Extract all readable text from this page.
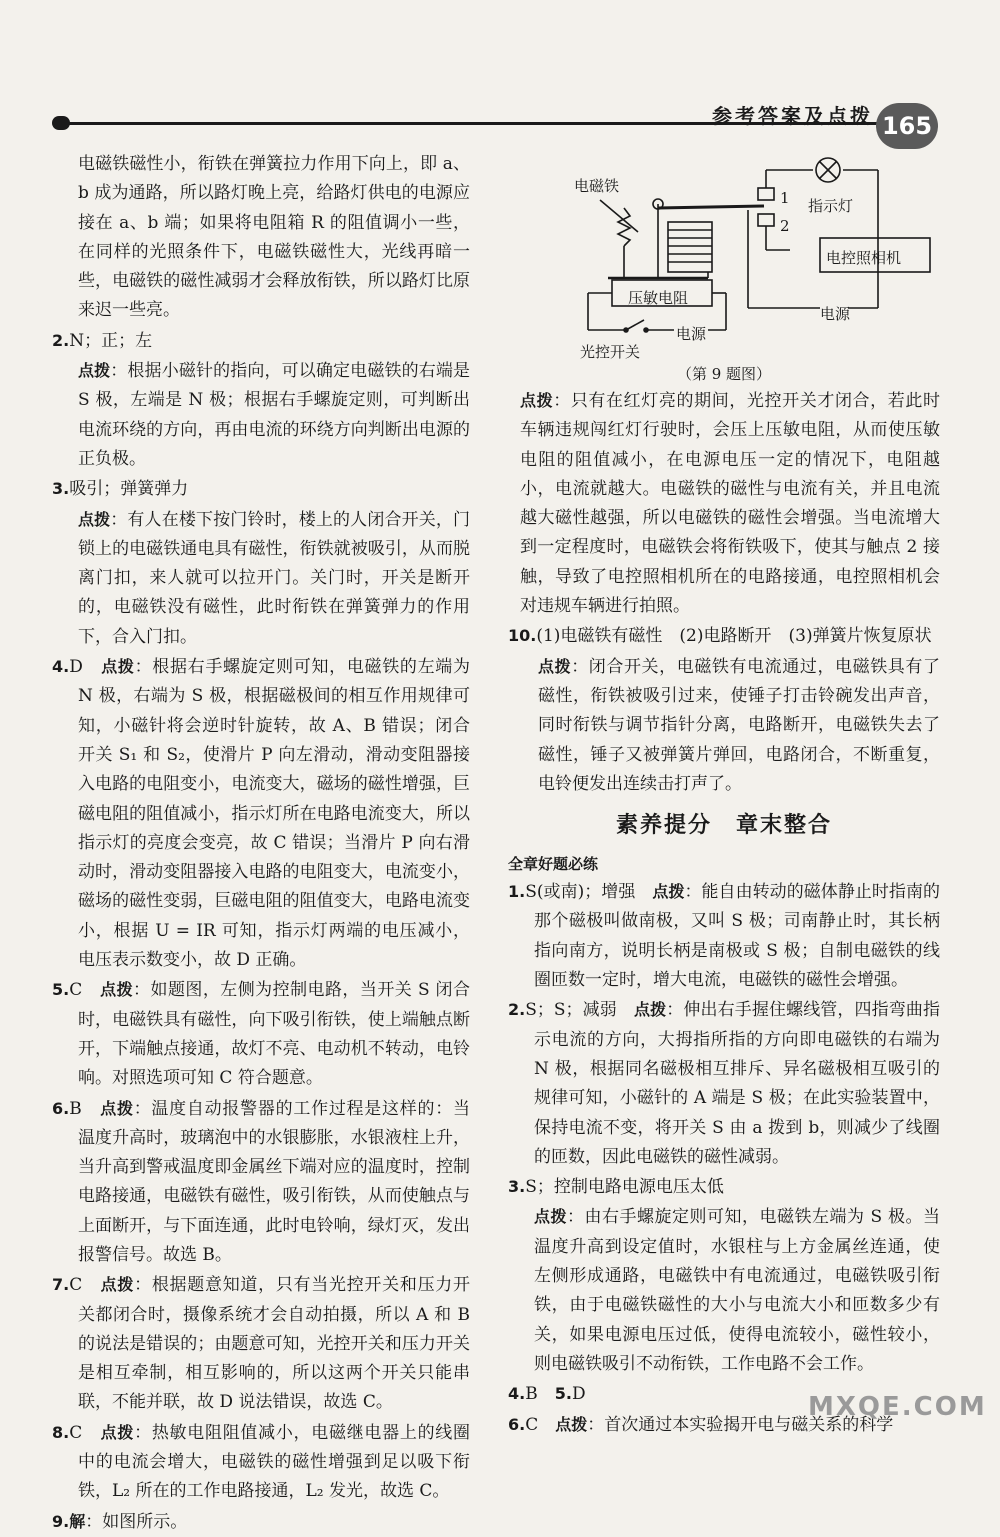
参考答案及点拨 165

电磁铁磁性小，衔铁在弹簧拉力作用下向上，即 a、b 成为通路，所以路灯晚上亮，给路灯供电的电源应接在 a、b 端；如果将电阻箱 R 的阻值调小一些，在同样的光照条件下，电磁铁磁性大，光线再暗一些，电磁铁的磁性减弱才会释放衔铁，所以路灯比原来迟一些亮。

2.N；正；左

点拨：根据小磁针的指向，可以确定电磁铁的右端是 S 极，左端是 N 极；根据右手螺旋定则，可判断出电流环绕的方向，再由电流的环绕方向判断出电源的正负极。

3.吸引；弹簧弹力

点拨：有人在楼下按门铃时，楼上的人闭合开关，门锁上的电磁铁通电具有磁性，衔铁就被吸引，从而脱离门扣，来人就可以拉开门。关门时，开关是断开的，电磁铁没有磁性，此时衔铁在弹簧弹力的作用下，合入门扣。

4.D　 点拨：根据右手螺旋定则可知，电磁铁的左端为 N 极，右端为 S 极，根据磁极间的相互作用规律可知，小磁针将会逆时针旋转，故 A、B 错误；闭合开关 S₁ 和 S₂，使滑片 P 向左滑动，滑动变阻器接入电路的电阻变小，电流变大，磁场的磁性增强，巨磁电阻的阻值减小，指示灯所在电路电流变大，所以指示灯的亮度会变亮，故 C 错误；当滑片 P 向右滑动时，滑动变阻器接入电路的电阻变大，电流变小，磁场的磁性变弱，巨磁电阻的阻值变大，电路电流变小，根据 U = IR 可知，指示灯两端的电压减小，电压表示数变小，故 D 正确。

5.C　 点拨：如题图，左侧为控制电路，当开关 S 闭合时，电磁铁具有磁性，向下吸引衔铁，使上端触点断开，下端触点接通，故灯不亮、电动机不转动，电铃响。对照选项可知 C 符合题意。

6.B　 点拨：温度自动报警器的工作过程是这样的：当温度升高时，玻璃泡中的水银膨胀，水银液柱上升，当升高到警戒温度即金属丝下端对应的温度时，控制电路接通，电磁铁有磁性，吸引衔铁，从而使触点与上面断开，与下面连通，此时电铃响，绿灯灭，发出报警信号。故选 B。

7.C　 点拨：根据题意知道，只有当光控开关和压力开关都闭合时，摄像系统才会自动拍摄，所以 A 和 B 的说法是错误的；由题意可知，光控开关和压力开关是相互牵制，相互影响的，所以这两个开关只能串联，不能并联，故 D 说法错误，故选 C。

8.C　 点拨：热敏电阻阻值减小，电磁继电器上的线圈中的电流会增大，电磁铁的磁性增强到足以吸下衔铁，L₂ 所在的工作电路接通，L₂ 发光，故选 C。

9.解：如图所示。

电磁铁
指示灯
1
2
电控照相机
压敏电阻
电源
电源
光控开关

（第 9 题图）

点拨：只有在红灯亮的期间，光控开关才闭合，若此时车辆违规闯红灯行驶时，会压上压敏电阻，从而使压敏电阻的阻值减小，在电源电压一定的情况下，电阻越小，电流就越大。电磁铁的磁性与电流有关，并且电流越大磁性越强，所以电磁铁的磁性会增强。当电流增大到一定程度时，电磁铁会将衔铁吸下，使其与触点 2 接触，导致了电控照相机所在的电路接通，电控照相机会对违规车辆进行拍照。

10.(1)电磁铁有磁性　(2)电路断开　(3)弹簧片恢复原状

点拨：闭合开关，电磁铁有电流通过，电磁铁具有了磁性，衔铁被吸引过来，使锤子打击铃碗发出声音，同时衔铁与调节指针分离，电路断开，电磁铁失去了磁性，锤子又被弹簧片弹回，电路闭合，不断重复，电铃便发出连续击打声了。

素养提分　章末整合

全章好题必练

1.S(或南)；增强　 点拨：能自由转动的磁体静止时指南的那个磁极叫做南极，又叫 S 极；司南静止时，其长柄指向南方，说明长柄是南极或 S 极；自制电磁铁的线圈匝数一定时，增大电流，电磁铁的磁性会增强。

2.S；S；减弱　 点拨：伸出右手握住螺线管，四指弯曲指示电流的方向，大拇指所指的方向即电磁铁的右端为 N 极，根据同名磁极相互排斥、异名磁极相互吸引的规律可知，小磁针的 A 端是 S 极；在此实验装置中，保持电流不变，将开关 S 由 a 拨到 b，则减少了线圈的匝数，因此电磁铁的磁性减弱。

3.S；控制电路电源电压太低

点拨：由右手螺旋定则可知，电磁铁左端为 S 极。当温度升高到设定值时，水银柱与上方金属丝连通，使左侧形成通路，电磁铁中有电流通过，电磁铁吸引衔铁，由于电磁铁磁性的大小与电流大小和匝数多少有关，如果电源电压过低，使得电流较小，磁性较小，则电磁铁吸引不动衔铁，工作电路不会工作。

4.B　 5.D

6.C　 点拨：首次通过本实验揭开电与磁关系的科学

MXQE.COM
